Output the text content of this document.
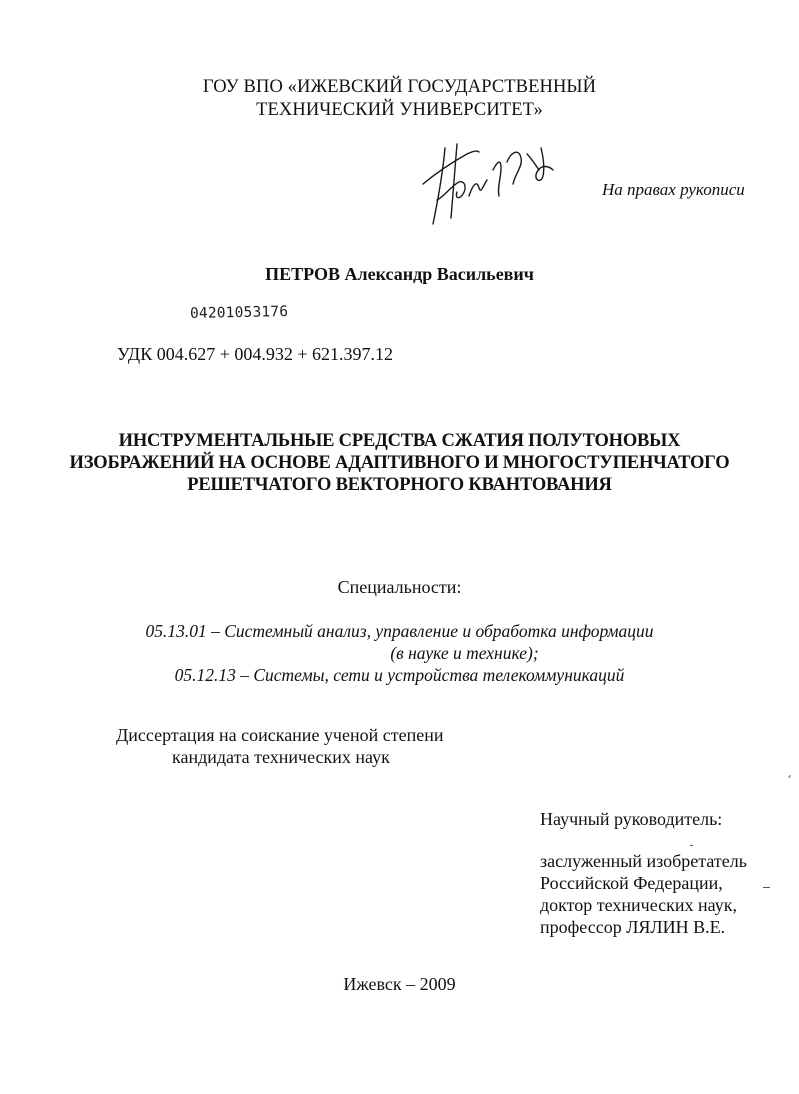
ГОУ ВПО «ИЖЕВСКИЙ ГОСУДАРСТВЕННЫЙ
ТЕХНИЧЕСКИЙ УНИВЕРСИТЕТ»
На правах рукописи
ПЕТРОВ Александр Васильевич
04201053176
УДК 004.627 + 004.932 + 621.397.12
ИНСТРУМЕНТАЛЬНЫЕ СРЕДСТВА СЖАТИЯ ПОЛУТОНОВЫХ
ИЗОБРАЖЕНИЙ НА ОСНОВЕ АДАПТИВНОГО И МНОГОСТУПЕНЧАТОГО
РЕШЕТЧАТОГО ВЕКТОРНОГО КВАНТОВАНИЯ
Специальности:
05.13.01 – Системный анализ, управление и обработка информации
(в науке и технике);
05.12.13 – Системы, сети и устройства телекоммуникаций
Диссертация на соискание ученой степени
кандидата технических наук
Научный руководитель:
заслуженный изобретатель
Российской Федерации,
доктор технических наук,
профессор ЛЯЛИН В.Е.
Ижевск – 2009
